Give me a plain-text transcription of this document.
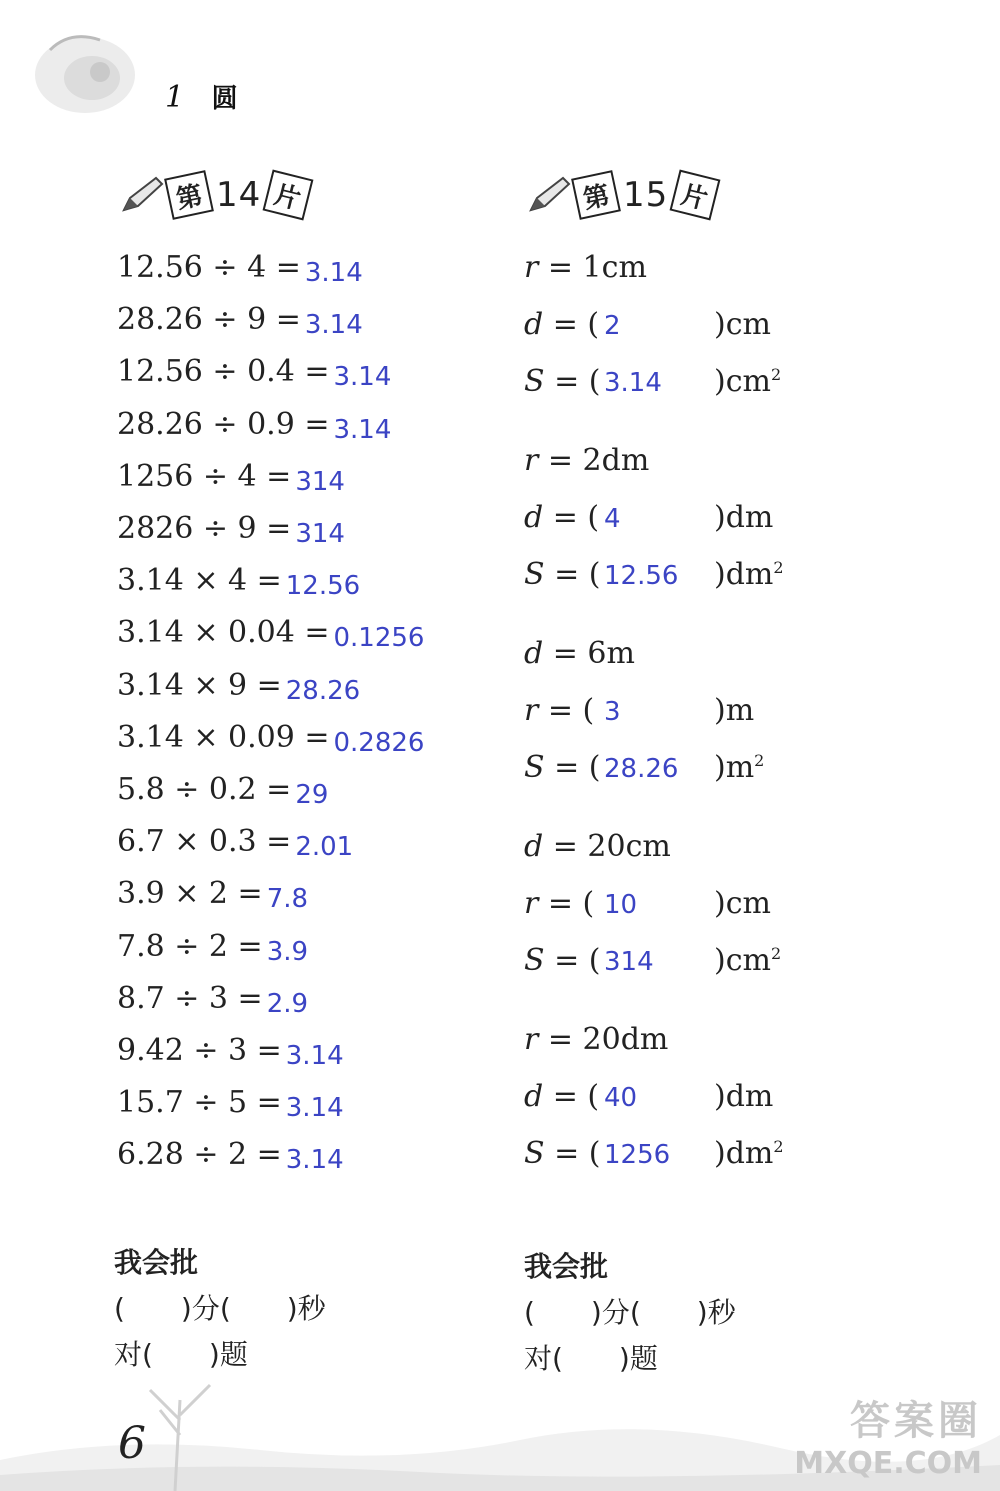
1 圆
第 14 片	第 15 片
12.56 ÷ 4 = 3.14
28.26 ÷ 9 = 3.14
12.56 ÷ 0.4 = 3.14
28.26 ÷ 0.9 = 3.14
1256 ÷ 4 = 314
2826 ÷ 9 = 314
3.14 × 4 = 12.56
3.14 × 0.04 = 0.1256
3.14 × 9 = 28.26
3.14 × 0.09 = 0.2826
5.8 ÷ 0.2 = 29
6.7 × 0.3 = 2.01
3.9 × 2 = 7.8
7.8 ÷ 2 = 3.9
8.7 ÷ 3 = 2.9
9.42 ÷ 3 = 3.14
15.7 ÷ 5 = 3.14
6.28 ÷ 2 = 3.14
r = 1cm
d = ( 2	)cm
S = ( 3.14 )$cm^2$
r = 2dm
d = ( 4	)dm
S = ( 12.56 )$dm^2$
d = 6m
r = ( 3	)m
S = ( 28.26 )$m^2$
d = 20cm
r = ( 10	)cm
S = ( 314 )$cm^2$
r = 20dm
d = ( 40	)dm
S = ( 1256 )$dm^2$
我会批
(　　)分(　　)秒
对(　　)题
我会批
(　　)分(　　)秒
对(　　)题
6	答案圈
MXQE.COM
